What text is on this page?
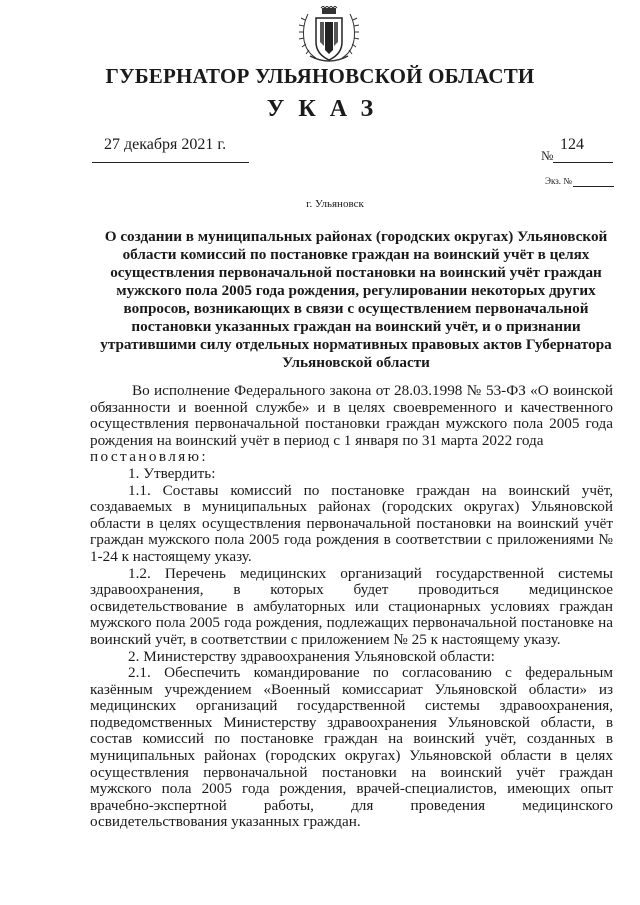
ГУБЕРНАТОР УЛЬЯНОВСКОЙ ОБЛАСТИ
УКАЗ
27 декабря 2021 г.
№
124
Экз. №
г. Ульяновск
О создании в муниципальных районах (городских округах) Ульяновской области комиссий по постановке граждан на воинский учёт в целях осуществления первоначальной постановки на воинский учёт граждан мужского пола 2005 года рождения, регулировании некоторых других вопросов, возникающих в связи с осуществлением первоначальной постановки указанных граждан на воинский учёт, и о признании утратившими силу отдельных нормативных правовых актов Губернатора Ульяновской области

Во исполнение Федерального закона от 28.03.1998 № 53-ФЗ «О воинской обязанности и военной службе» и в целях своевременного и качественного осуществления первоначальной постановки граждан мужского пола 2005 года рождения на воинский учёт в период с 1 января по 31 марта 2022 года

постановляю:

1. Утвердить:

1.1. Составы комиссий по постановке граждан на воинский учёт, создаваемых в муниципальных районах (городских округах) Ульяновской области в целях осуществления первоначальной постановки на воинский учёт граждан мужского пола 2005 года рождения в соответствии с приложениями № 1-24 к настоящему указу.

1.2. Перечень медицинских организаций государственной системы здравоохранения, в которых будет проводиться медицинское освидетельствование в амбулаторных или стационарных условиях граждан мужского пола 2005 года рождения, подлежащих первоначальной постановке на воинский учёт, в соответствии с приложением № 25 к настоящему указу.

2. Министерству здравоохранения Ульяновской области:

2.1. Обеспечить командирование по согласованию с федеральным казённым учреждением «Военный комиссариат Ульяновской области» из медицинских организаций государственной системы здравоохранения, подведомственных Министерству здравоохранения Ульяновской области, в состав комиссий по постановке граждан на воинский учёт, созданных в муниципальных районах (городских округах) Ульяновской области в целях осуществления первоначальной постановки на воинский учёт граждан мужского пола 2005 года рождения, врачей-специалистов, имеющих опыт врачебно-экспертной работы, для проведения медицинского освидетельствования указанных граждан.
